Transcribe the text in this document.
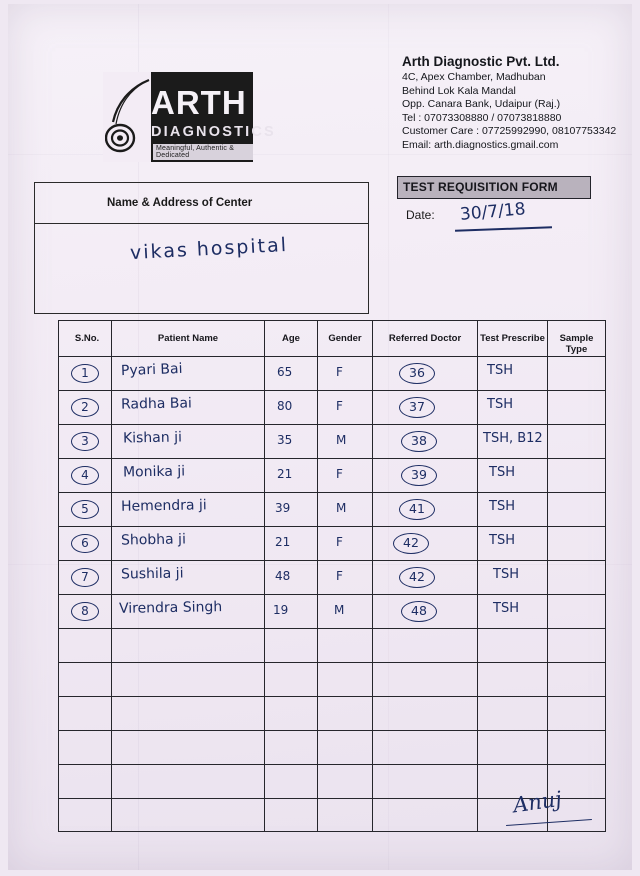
ARTH
DIAGNOSTICS
Meaningful, Authentic & Dedicated
Arth Diagnostic Pvt. Ltd.
4C, Apex Chamber, Madhuban
Behind Lok Kala Mandal
Opp. Canara Bank, Udaipur (Raj.)
Tel : 07073308880 / 07073818880
Customer Care : 07725992990, 08107753342
Email: arth.diagnostics.gmail.com
Name & Address of Center
vikas hospital
TEST REQUISITION FORM
Date: 30/7/18
S.No.	Patient Name	Age	Gender	Referred Doctor	Test Prescribe	Sample Type
1	Pyari Bai	65	F	36	TSH
2	Radha Bai	80	F	37	TSH
3	Kishan ji	35	M	38	TSH, B12
4	Monika ji	21	F	39	TSH
5	Hemendra ji	39	M	41	TSH
6	Shobha ji	21	F	42	TSH
7	Sushila ji	48	F	42	TSH
8	Virendra Singh	19	M	48	TSH
Anuj
